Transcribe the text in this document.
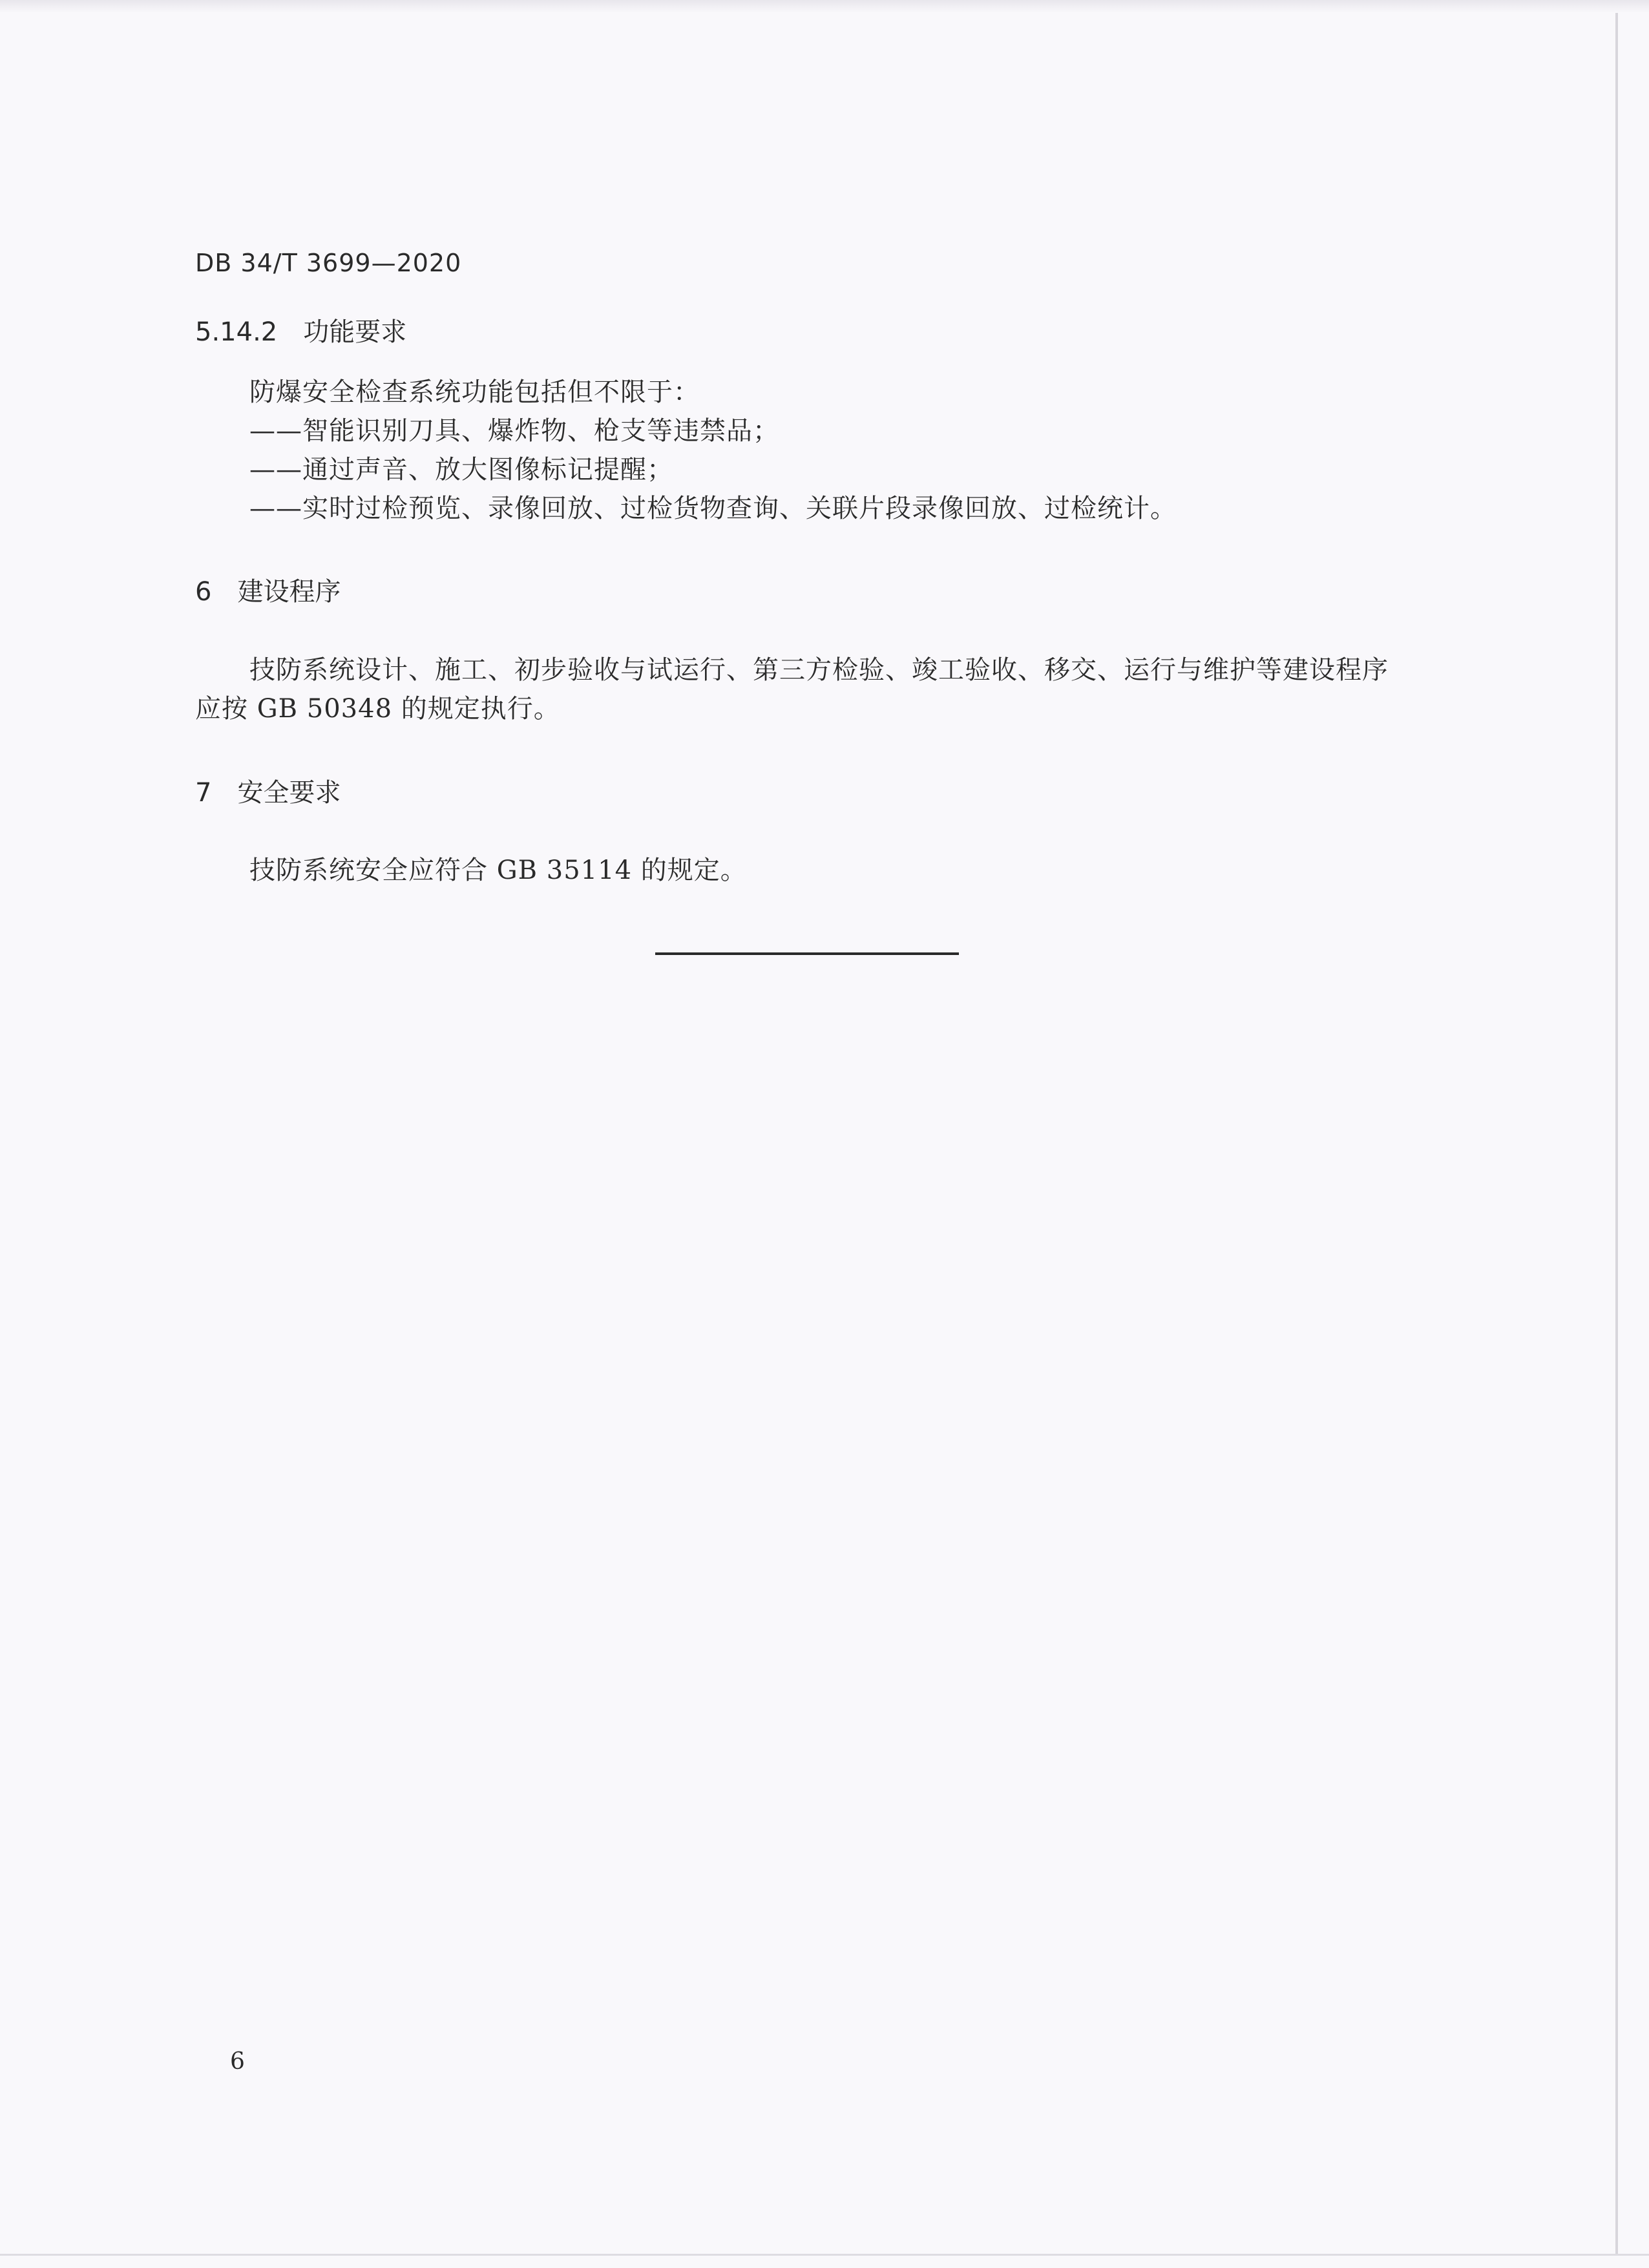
DB 34/T 3699—2020
5.14.2 功能要求
防爆安全检查系统功能包括但不限于：
——智能识别刀具、爆炸物、枪支等违禁品；
——通过声音、放大图像标记提醒；
——实时过检预览、录像回放、过检货物查询、关联片段录像回放、过检统计。
6 建设程序
技防系统设计、施工、初步验收与试运行、第三方检验、竣工验收、移交、运行与维护等建设程序
应按 GB 50348 的规定执行。
7 安全要求
技防系统安全应符合 GB 35114 的规定。
6
